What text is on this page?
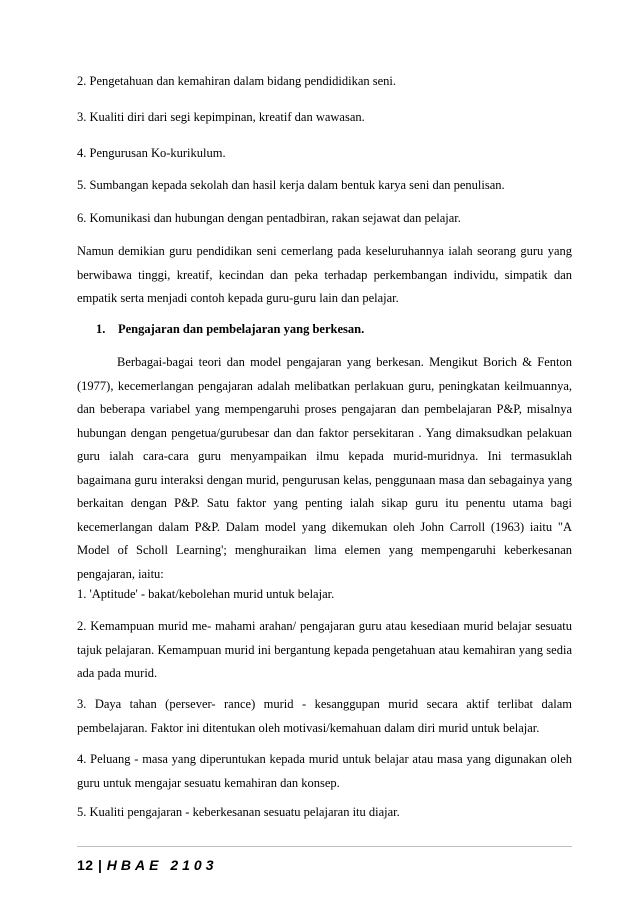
2. Pengetahuan dan kemahiran dalam bidang pendididikan seni.

3. Kualiti diri dari segi kepimpinan, kreatif dan wawasan.

4. Pengurusan Ko-kurikulum.

5. Sumbangan kepada sekolah dan hasil kerja dalam bentuk karya seni dan penulisan.

6. Komunikasi dan hubungan dengan pentadbiran, rakan sejawat dan pelajar.

Namun demikian guru pendidikan seni cemerlang pada keseluruhannya ialah seorang guru yang berwibawa tinggi, kreatif, kecindan dan peka terhadap perkembangan individu, simpatik dan empatik serta menjadi contoh kepada guru-guru lain dan pelajar.

1. Pengajaran dan pembelajaran yang berkesan.

Berbagai-bagai teori dan model pengajaran yang berkesan. Mengikut Borich & Fenton (1977), kecemerlangan pengajaran adalah melibatkan perlakuan guru, peningkatan keilmuannya, dan beberapa variabel yang mempengaruhi proses pengajaran dan pembelajaran P&P, misalnya hubungan dengan pengetua/gurubesar dan dan faktor persekitaran . Yang dimaksudkan pelakuan guru ialah cara-cara guru menyampaikan ilmu kepada murid-muridnya. Ini termasuklah bagaimana guru interaksi dengan murid, pengurusan kelas, penggunaan masa dan sebagainya yang berkaitan dengan P&P. Satu faktor yang penting ialah sikap guru itu penentu utama bagi kecemerlangan dalam P&P. Dalam model yang dikemukan oleh John Carroll (1963) iaitu "A Model of Scholl Learning'; menghuraikan lima elemen yang mempengaruhi keberkesanan pengajaran, iaitu:

1. 'Aptitude' - bakat/kebolehan murid untuk belajar.

2. Kemampuan murid me- mahami arahan/ pengajaran guru atau kesediaan murid belajar sesuatu tajuk pelajaran. Kemampuan murid ini bergantung kepada pengetahuan atau kemahiran yang sedia ada pada murid.

3. Daya tahan (persever- rance) murid - kesanggupan murid secara aktif terlibat dalam pembelajaran. Faktor ini ditentukan oleh motivasi/kemahuan dalam diri murid untuk belajar.

4. Peluang - masa yang diperuntukan kepada murid untuk belajar atau masa yang digunakan oleh guru untuk mengajar sesuatu kemahiran dan konsep.

5. Kualiti pengajaran - keberkesanan sesuatu pelajaran itu diajar.

12 | HBAE 2103
